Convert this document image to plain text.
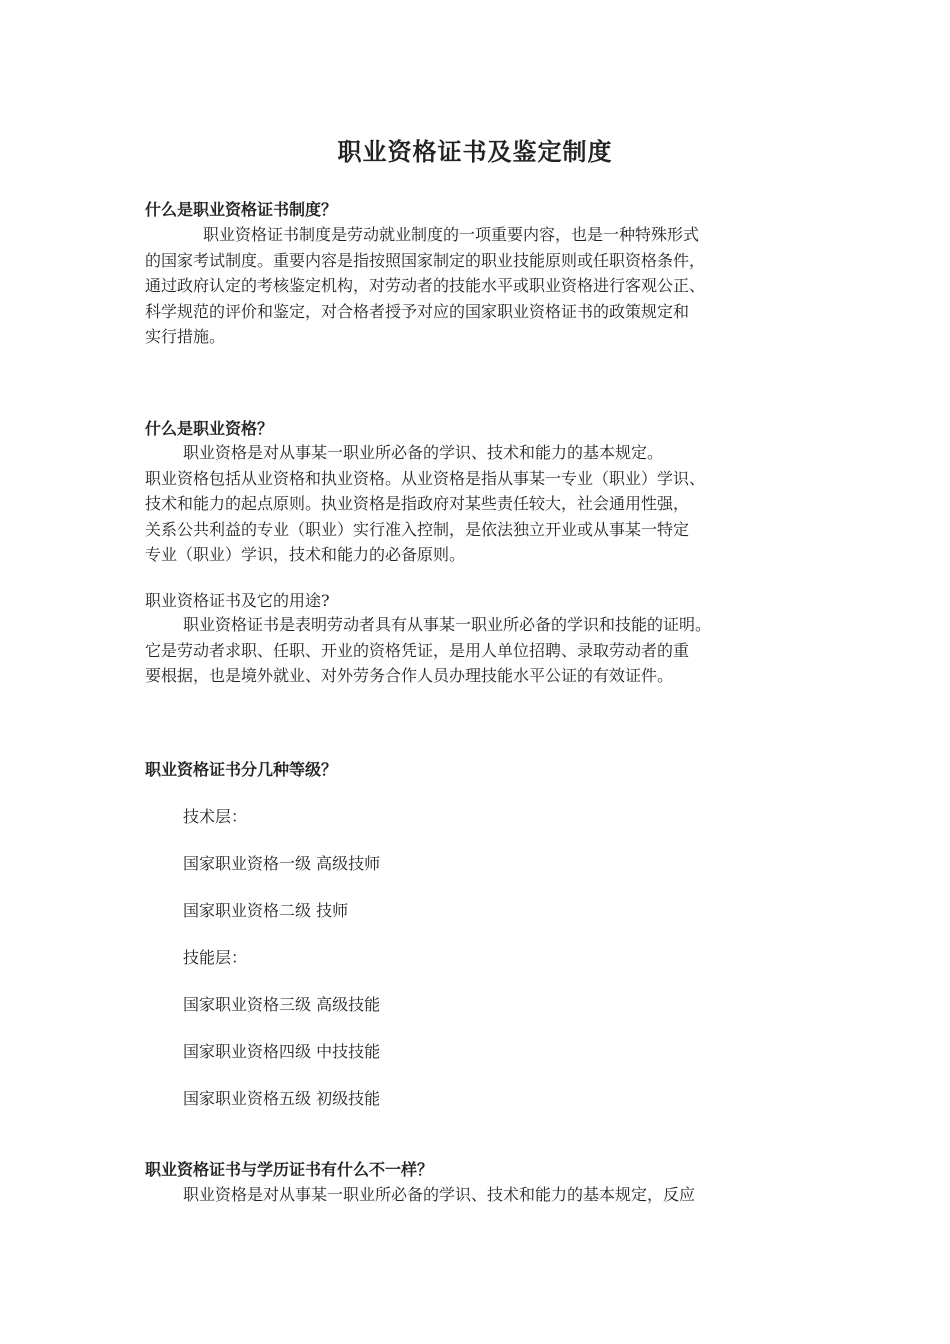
职业资格证书及鉴定制度
什么是职业资格证书制度？
职业资格证书制度是劳动就业制度的一项重要内容，也是一种特殊形式
的国家考试制度。重要内容是指按照国家制定的职业技能原则或任职资格条件，
通过政府认定的考核鉴定机构，对劳动者的技能水平或职业资格进行客观公正、
科学规范的评价和鉴定，对合格者授予对应的国家职业资格证书的政策规定和
实行措施。
什么是职业资格？
职业资格是对从事某一职业所必备的学识、技术和能力的基本规定。
职业资格包括从业资格和执业资格。从业资格是指从事某一专业（职业）学识、
技术和能力的起点原则。执业资格是指政府对某些责任较大，社会通用性强，
关系公共利益的专业（职业）实行准入控制，是依法独立开业或从事某一特定
专业（职业）学识，技术和能力的必备原则。
职业资格证书及它的用途?
职业资格证书是表明劳动者具有从事某一职业所必备的学识和技能的证明。
它是劳动者求职、任职、开业的资格凭证，是用人单位招聘、录取劳动者的重
要根据，也是境外就业、对外劳务合作人员办理技能水平公证的有效证件。
职业资格证书分几种等级？
技术层：
国家职业资格一级 高级技师
国家职业资格二级 技师
技能层：
国家职业资格三级 高级技能
国家职业资格四级 中技技能
国家职业资格五级 初级技能
职业资格证书与学历证书有什么不一样？
职业资格是对从事某一职业所必备的学识、技术和能力的基本规定，反应
